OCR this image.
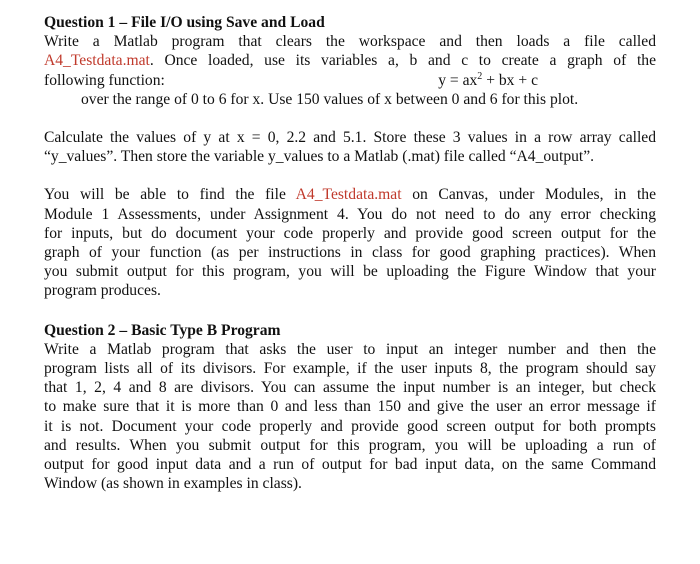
Question 1 – File I/O using Save and Load
Write a Matlab program that clears the workspace and then loads a file called
A4_Testdata.mat. Once loaded, use its variables a, b and c to create a graph of the
following function:	$y = ax^2$ + bx + c
over the range of 0 to 6 for x. Use 150 values of x between 0 and 6 for this plot.
Calculate the values of y at x = 0, 2.2 and 5.1. Store these 3 values in a row array called
“y_values”. Then store the variable y_values to a Matlab (.mat) file called “A4_output”.
You will be able to find the file A4_Testdata.mat on Canvas, under Modules, in the
Module 1 Assessments, under Assignment 4. You do not need to do any error checking
for inputs, but do document your code properly and provide good screen output for the
graph of your function (as per instructions in class for good graphing practices). When
you submit output for this program, you will be uploading the Figure Window that your
program produces.
Question 2 – Basic Type B Program
Write a Matlab program that asks the user to input an integer number and then the
program lists all of its divisors. For example, if the user inputs 8, the program should say
that 1, 2, 4 and 8 are divisors. You can assume the input number is an integer, but check
to make sure that it is more than 0 and less than 150 and give the user an error message if
it is not. Document your code properly and provide good screen output for both prompts
and results. When you submit output for this program, you will be uploading a run of
output for good input data and a run of output for bad input data, on the same Command
Window (as shown in examples in class).
